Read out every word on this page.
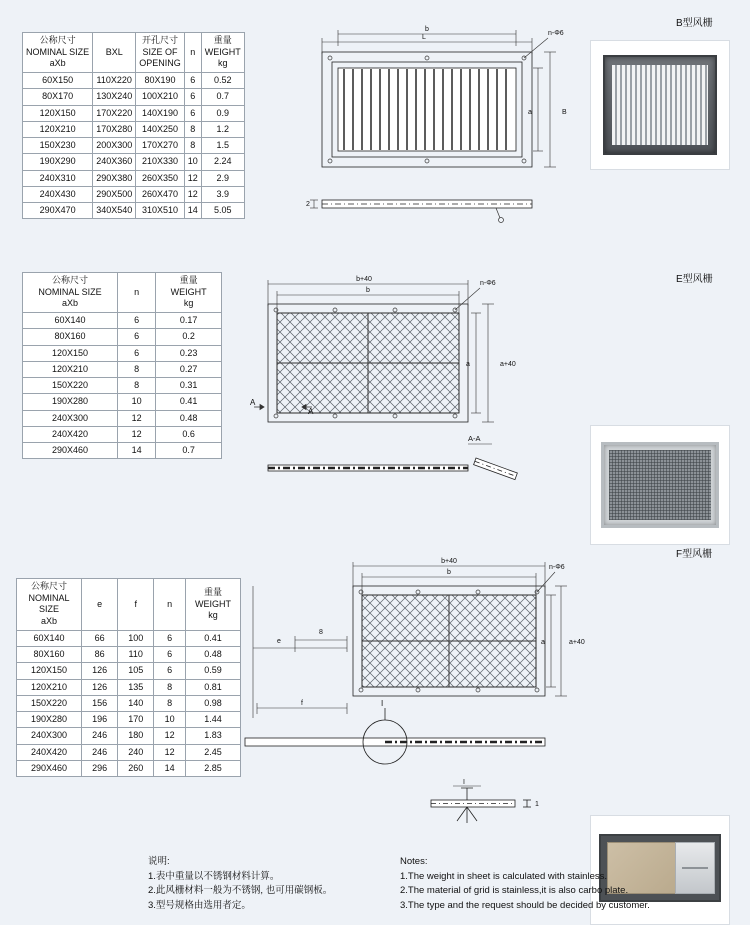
公称尺寸
NOMINAL SIZE
aXb	BXL	开孔尺寸
SIZE OF
OPENING	n	重量
WEIGHT
kg

60X150	110X220	80X190	6	0.52
80X170	130X240	100X210	6	0.7
120X150	170X220	140X190	6	0.9
120X210	170X280	140X250	8	1.2
150X230	200X300	170X270	8	1.5
190X290	240X360	210X330	10	2.24
240X310	290X380	260X350	12	2.9
240X430	290X500	260X470	12	3.9
290X470	340X540	310X510	14	5.05
公称尺寸
NOMINAL SIZE
aXb	n	重量
WEIGHT
kg

60X140	6	0.17
80X160	6	0.2
120X150	6	0.23
120X210	8	0.27
150X220	8	0.31
190X280	10	0.41
240X300	12	0.48
240X420	12	0.6
290X460	14	0.7
公称尺寸
NOMINAL
SIZE
aXb	e	f	n	重量
WEIGHT
kg

60X140	66	100	6	0.41
80X160	86	110	6	0.48
120X150	126	105	6	0.59
120X210	126	135	8	0.81
150X220	156	140	8	0.98
190X280	196	170	10	1.44
240X300	246	180	12	1.83
240X420	246	240	12	2.45
290X460	296	260	14	2.85
L
b
B
a
n-Φ6
2
b+40
b
a+40
a
n-Φ6
A
A
A-A
b+40
b
a+40
a
n-Φ6
e
8
f	I
I
1
B型风栅
E型风栅
F型风栅
说明:
1.表中重量以不锈钢材料计算。
2.此风栅材料一般为不锈钢, 也可用碳钢板。
3.型号规格由选用者定。
Notes:
1.The weight in sheet is calculated with stainless.
2.The material of grid is stainless,it is also carbo plate.
3.The type and the request should be decided by customer.
